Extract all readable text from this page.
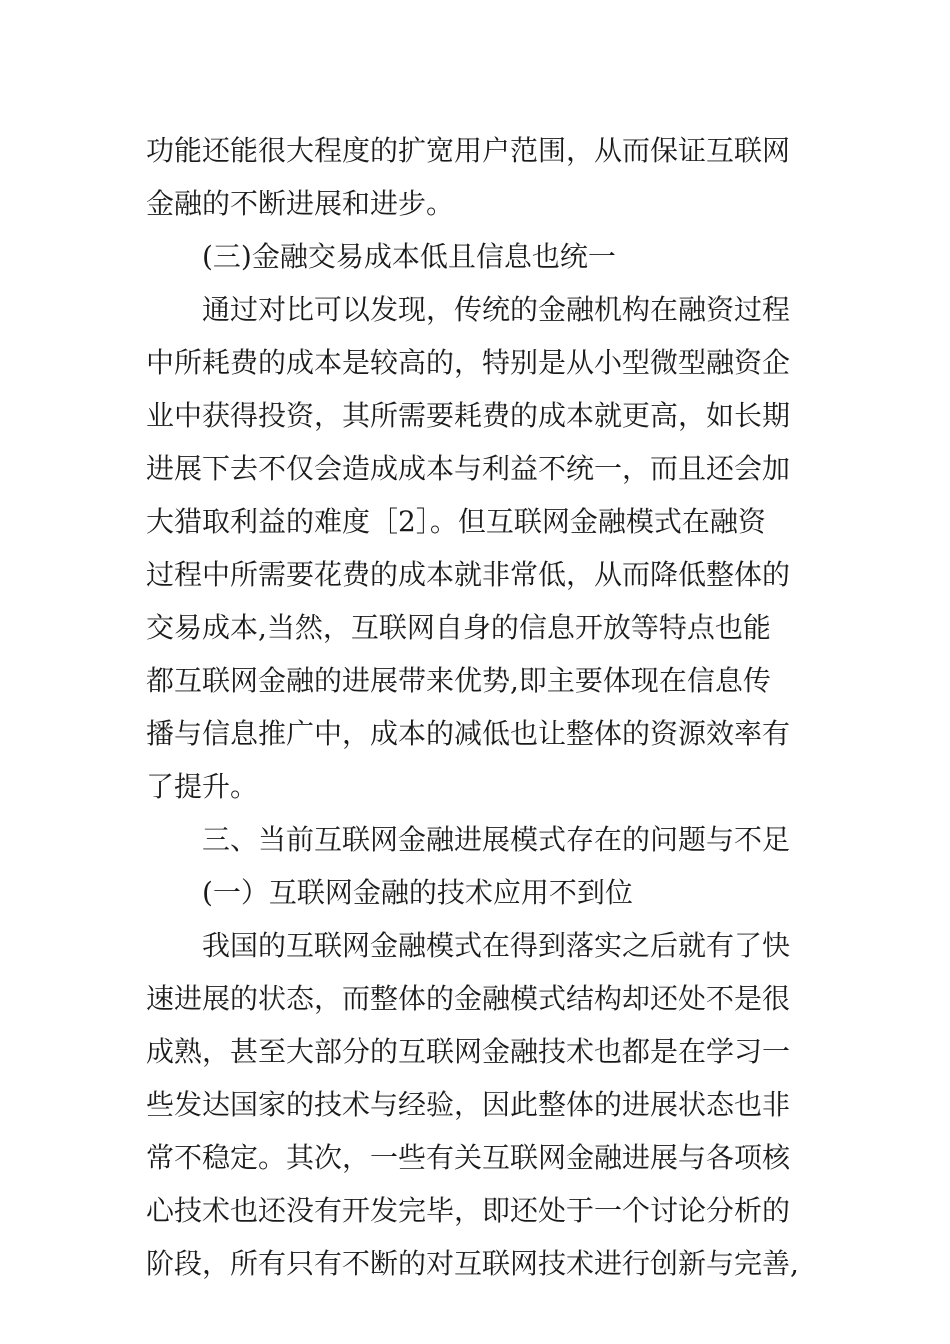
功能还能很大程度的扩宽用户范围，从而保证互联网
金融的不断进展和进步。
(三)金融交易成本低且信息也统一
通过对比可以发现，传统的金融机构在融资过程
中所耗费的成本是较高的，特别是从小型微型融资企
业中获得投资，其所需要耗费的成本就更高，如长期
进展下去不仅会造成成本与利益不统一，而且还会加
大猎取利益的难度［2］。但互联网金融模式在融资
过程中所需要花费的成本就非常低，从而降低整体的
交易成本,当然，互联网自身的信息开放等特点也能
都互联网金融的进展带来优势,即主要体现在信息传
播与信息推广中，成本的减低也让整体的资源效率有
了提升。
三、当前互联网金融进展模式存在的问题与不足
(一）互联网金融的技术应用不到位
我国的互联网金融模式在得到落实之后就有了快
速进展的状态，而整体的金融模式结构却还处不是很
成熟，甚至大部分的互联网金融技术也都是在学习一
些发达国家的技术与经验，因此整体的进展状态也非
常不稳定。其次，一些有关互联网金融进展与各项核
心技术也还没有开发完毕，即还处于一个讨论分析的
阶段，所有只有不断的对互联网技术进行创新与完善,
